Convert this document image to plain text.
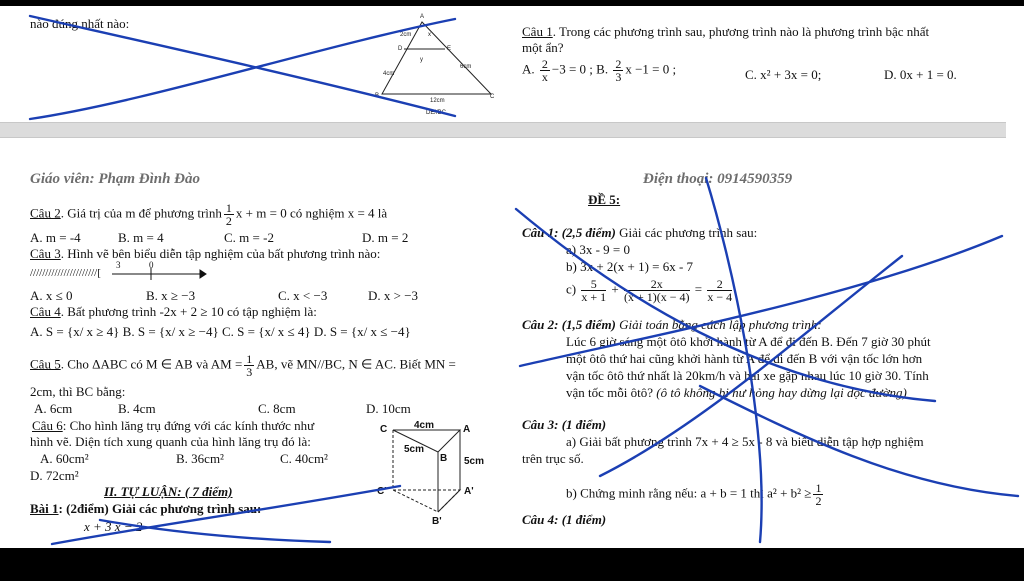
nào đúng nhất nào:
Câu 1. Trong các phương trình sau, phương trình nào là phương trình bậc nhất
một ẩn?
A. $\frac{2}{x} -3 = 0$ ; B. $\frac{2}{3}$ x −1 = 0 ;	C. x² + 3x = 0;	D. 0x + 1 = 0.
Giáo viên: Phạm Đình Đào	Điện thoại: 0914590359
Câu 2. Giá trị của m để phương trình $\frac{1}{2}$ x + m = 0 có nghiệm x = 4 là
A. m = -4	B. m = 4	C. m = -2	D. m = 2
Câu 3. Hình vẽ bên biểu diễn tập nghiệm của bất phương trình nào:
//////////////////////[
3	0
A. x ≤ 0	B. x ≥ −3	C. x < −3	D. x > −3
Câu 4. Bất phương trình -2x + 2 ≥ 10 có tập nghiệm là:
A. S = {x/ x ≥ 4} B. S = {x/ x ≥ −4} C. S = {x/ x ≤ 4} D. S = {x/ x ≤ −4}
Câu 5. Cho ΔABC có M ∈ AB và AM = $\frac{1}{3}$ AB, vẽ MN//BC, N ∈ AC. Biết MN =
2cm, thì BC bằng:
A. 6cm	B. 4cm	C. 8cm	D. 10cm
Câu 6: Cho hình lăng trụ đứng với các kính thước như
hình vẽ. Diện tích xung quanh của hình lăng trụ đó là:
A. 60cm²	B. 36cm²	C. 40cm²
D. 72cm²
II. TỰ LUẬN: ( 7 điểm)
Bài 1: (2điểm) Giải các phương trình sau:
x + 3 x − 2
ĐỀ 5:
Câu 1: (2,5 điểm) Giải các phương trình sau:
a) 3x - 9 = 0
b) 3x + 2(x + 1) = 6x - 7
$c) \frac{5}{x + 1} + \frac{2x}{(x + 1)(x - 4)} = \frac{2}{x - 4}$
Câu 2: (1,5 điểm) Giải toán bằng cách lập phương trình:
Lúc 6 giờ sáng một ôtô khởi hành từ A để đi đến B. Đến 7 giờ 30 phút
một ôtô thứ hai cũng khởi hành từ A để đi đến B với vận tốc lớn hơn
vận tốc ôtô thứ nhất là 20km/h và hai xe gặp nhau lúc 10 giờ 30. Tính
vận tốc mỗi ôtô? (ô tô không bị hư hỏng hay dừng lại dọc đường)
Câu 3: (1 điểm)
a) Giải bất phương trình 7x + 4 ≥ 5x - 8 và biểu diễn tập hợp nghiệm
trên trục số.
b) Chứng minh rằng nếu: a + b = 1 thì $a^2 + b^2 \ge \frac{1}{2}$
Câu 4: (1 điểm)
A
2cm	x
D	E
y
4cm
6cm
B
12cm
C
DE//BC
C	4cm	A
5cm
B 5cm
C'	A'
B'
